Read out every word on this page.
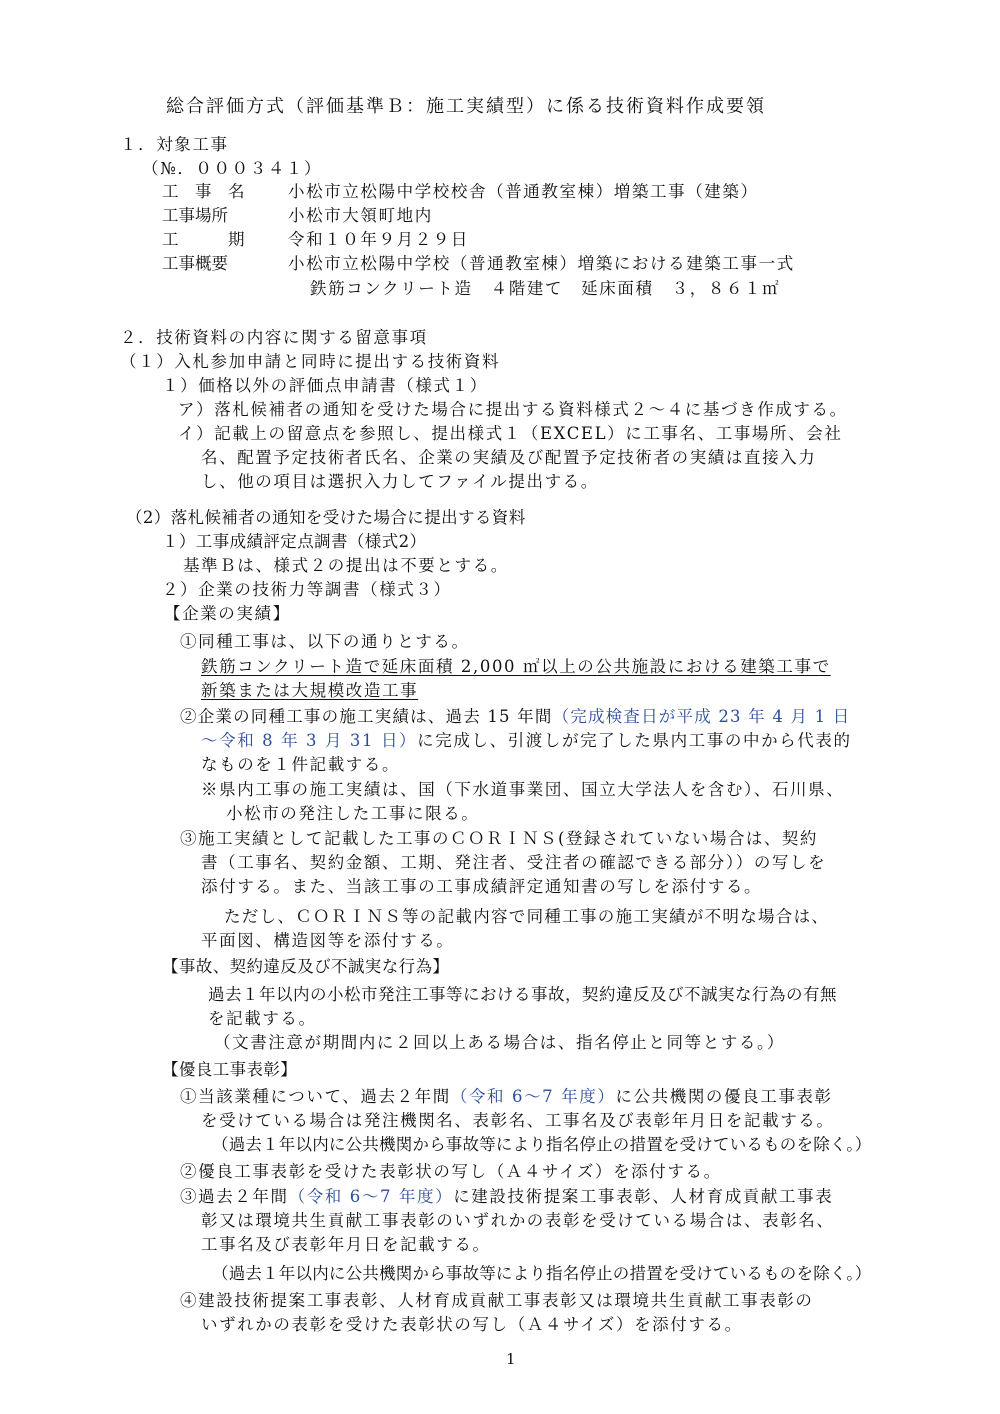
総合評価方式（評価基準Ｂ：施工実績型）に係る技術資料作成要領
１．対象工事
（№．０００３４１）
工　事　名	小松市立松陽中学校校舎（普通教室棟）増築工事（建築）
工事場所	小松市大領町地内
工　　　期	令和１０年９月２９日
工事概要	小松市立松陽中学校（普通教室棟）増築における建築工事一式
鉄筋コンクリート造　４階建て　延床面積　３，８６１㎡
２．技術資料の内容に関する留意事項
（１）入札参加申請と同時に提出する技術資料
１）価格以外の評価点申請書（様式１）
ア）落札候補者の通知を受けた場合に提出する資料様式２～４に基づき作成する。
イ）記載上の留意点を参照し、提出様式１（EXCEL）に工事名、工事場所、会社
名、配置予定技術者氏名、企業の実績及び配置予定技術者の実績は直接入力
し、他の項目は選択入力してファイル提出する。
（2）落札候補者の通知を受けた場合に提出する資料
１）工事成績評定点調書（様式2）
基準Ｂは、様式２の提出は不要とする。
２）企業の技術力等調書（様式３）
【企業の実績】
①同種工事は、以下の通りとする。
鉄筋コンクリート造で延床面積 2,000 ㎡以上の公共施設における建築工事で
新築または大規模改造工事
②企業の同種工事の施工実績は、過去 15 年間（完成検査日が平成 23 年 4 月 1 日
～令和 8 年 3 月 31 日）に完成し、引渡しが完了した県内工事の中から代表的
なものを１件記載する。
※県内工事の施工実績は、国（下水道事業団、国立大学法人を含む）、石川県、
小松市の発注した工事に限る。
③施工実績として記載した工事のＣＯＲＩＮＳ(登録されていない場合は、契約
書（工事名、契約金額、工期、発注者、受注者の確認できる部分））の写しを
添付する。また、当該工事の工事成績評定通知書の写しを添付する。
ただし、ＣＯＲＩＮＳ等の記載内容で同種工事の施工実績が不明な場合は、
平面図、構造図等を添付する。
【事故、契約違反及び不誠実な行為】
過去１年以内の小松市発注工事等における事故，契約違反及び不誠実な行為の有無
を記載する。
（文書注意が期間内に２回以上ある場合は、指名停止と同等とする。）
【優良工事表彰】
①当該業種について、過去２年間（令和 6～7 年度）に公共機関の優良工事表彰
を受けている場合は発注機関名、表彰名、工事名及び表彰年月日を記載する。
（過去１年以内に公共機関から事故等により指名停止の措置を受けているものを除く。）
②優良工事表彰を受けた表彰状の写し（Ａ４サイズ）を添付する。
③過去２年間（令和 6～7 年度）に建設技術提案工事表彰、人材育成貢献工事表
彰又は環境共生貢献工事表彰のいずれかの表彰を受けている場合は、表彰名、
工事名及び表彰年月日を記載する。
（過去１年以内に公共機関から事故等により指名停止の措置を受けているものを除く。）
④建設技術提案工事表彰、人材育成貢献工事表彰又は環境共生貢献工事表彰の
いずれかの表彰を受けた表彰状の写し（Ａ４サイズ）を添付する。
1
